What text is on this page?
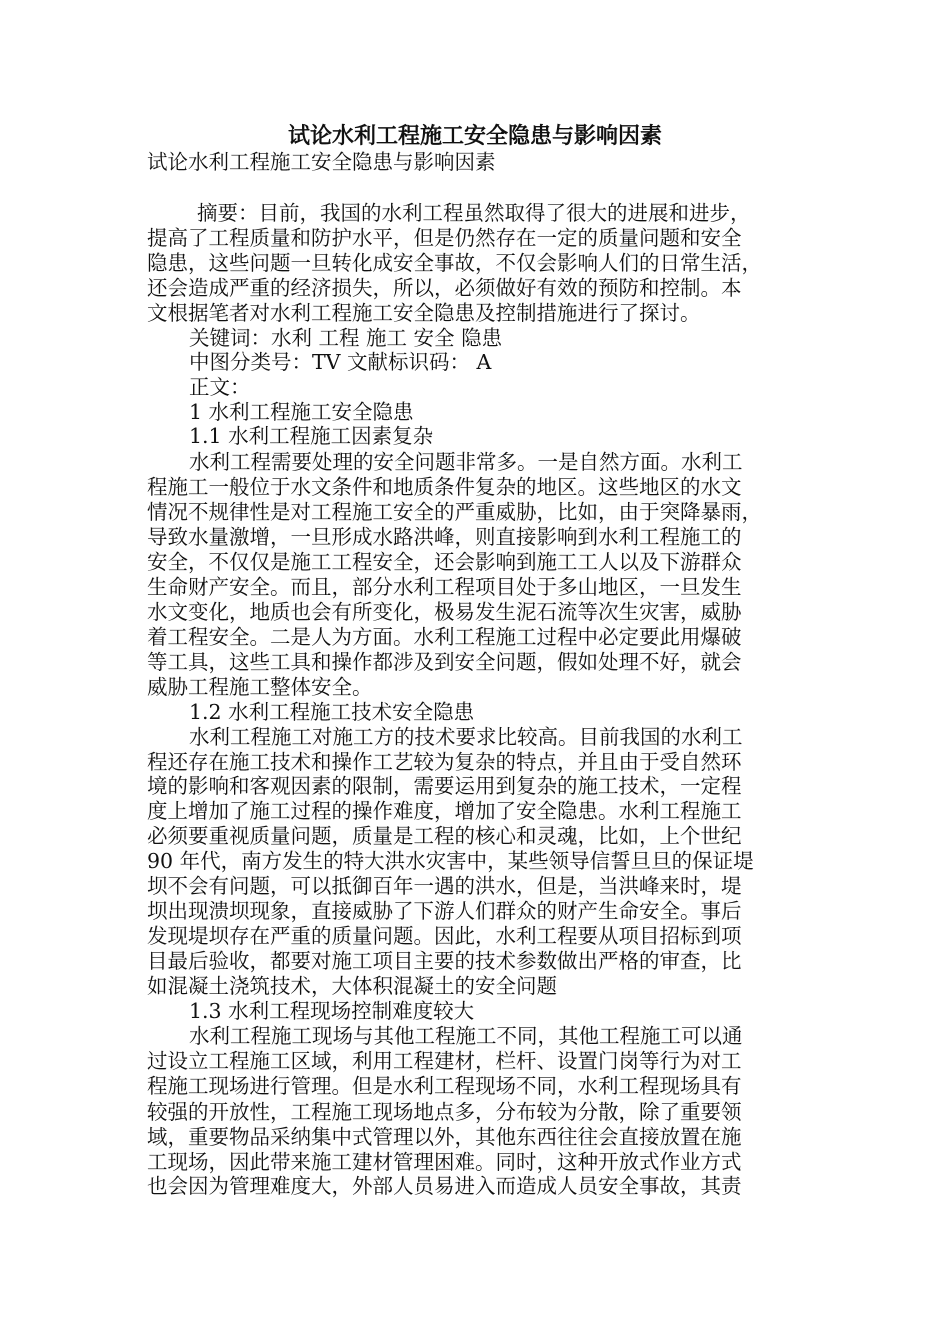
试论水利工程施工安全隐患与影响因素
试论水利工程施工安全隐患与影响因素
摘要：目前，我国的水利工程虽然取得了很大的进展和进步，
提高了工程质量和防护水平，但是仍然存在一定的质量问题和安全
隐患，这些问题一旦转化成安全事故，不仅会影响人们的日常生活，
还会造成严重的经济损失，所以，必须做好有效的预防和控制。本
文根据笔者对水利工程施工安全隐患及控制措施进行了探讨。
关键词：水利 工程 施工 安全 隐患
中图分类号：TV 文献标识码： A
正文：
1 水利工程施工安全隐患
1.1 水利工程施工因素复杂
水利工程需要处理的安全问题非常多。一是自然方面。水利工
程施工一般位于水文条件和地质条件复杂的地区。这些地区的水文
情况不规律性是对工程施工安全的严重威胁，比如，由于突降暴雨，
导致水量激增，一旦形成水路洪峰，则直接影响到水利工程施工的
安全，不仅仅是施工工程安全，还会影响到施工工人以及下游群众
生命财产安全。而且，部分水利工程项目处于多山地区，一旦发生
水文变化，地质也会有所变化，极易发生泥石流等次生灾害，威胁
着工程安全。二是人为方面。水利工程施工过程中必定要此用爆破
等工具，这些工具和操作都涉及到安全问题，假如处理不好，就会
威胁工程施工整体安全。
1.2 水利工程施工技术安全隐患
水利工程施工对施工方的技术要求比较高。目前我国的水利工
程还存在施工技术和操作工艺较为复杂的特点，并且由于受自然环
境的影响和客观因素的限制，需要运用到复杂的施工技术，一定程
度上增加了施工过程的操作难度，增加了安全隐患。水利工程施工
必须要重视质量问题，质量是工程的核心和灵魂，比如，上个世纪
90 年代，南方发生的特大洪水灾害中，某些领导信誓旦旦的保证堤
坝不会有问题，可以抵御百年一遇的洪水，但是，当洪峰来时，堤
坝出现溃坝现象，直接威胁了下游人们群众的财产生命安全。事后
发现堤坝存在严重的质量问题。因此，水利工程要从项目招标到项
目最后验收，都要对施工项目主要的技术参数做出严格的审查，比
如混凝土浇筑技术，大体积混凝土的安全问题
1.3 水利工程现场控制难度较大
水利工程施工现场与其他工程施工不同，其他工程施工可以通
过设立工程施工区域，利用工程建材，栏杆、设置门岗等行为对工
程施工现场进行管理。但是水利工程现场不同，水利工程现场具有
较强的开放性，工程施工现场地点多，分布较为分散，除了重要领
域，重要物品采纳集中式管理以外，其他东西往往会直接放置在施
工现场，因此带来施工建材管理困难。同时，这种开放式作业方式
也会因为管理难度大，外部人员易进入而造成人员安全事故，其责
